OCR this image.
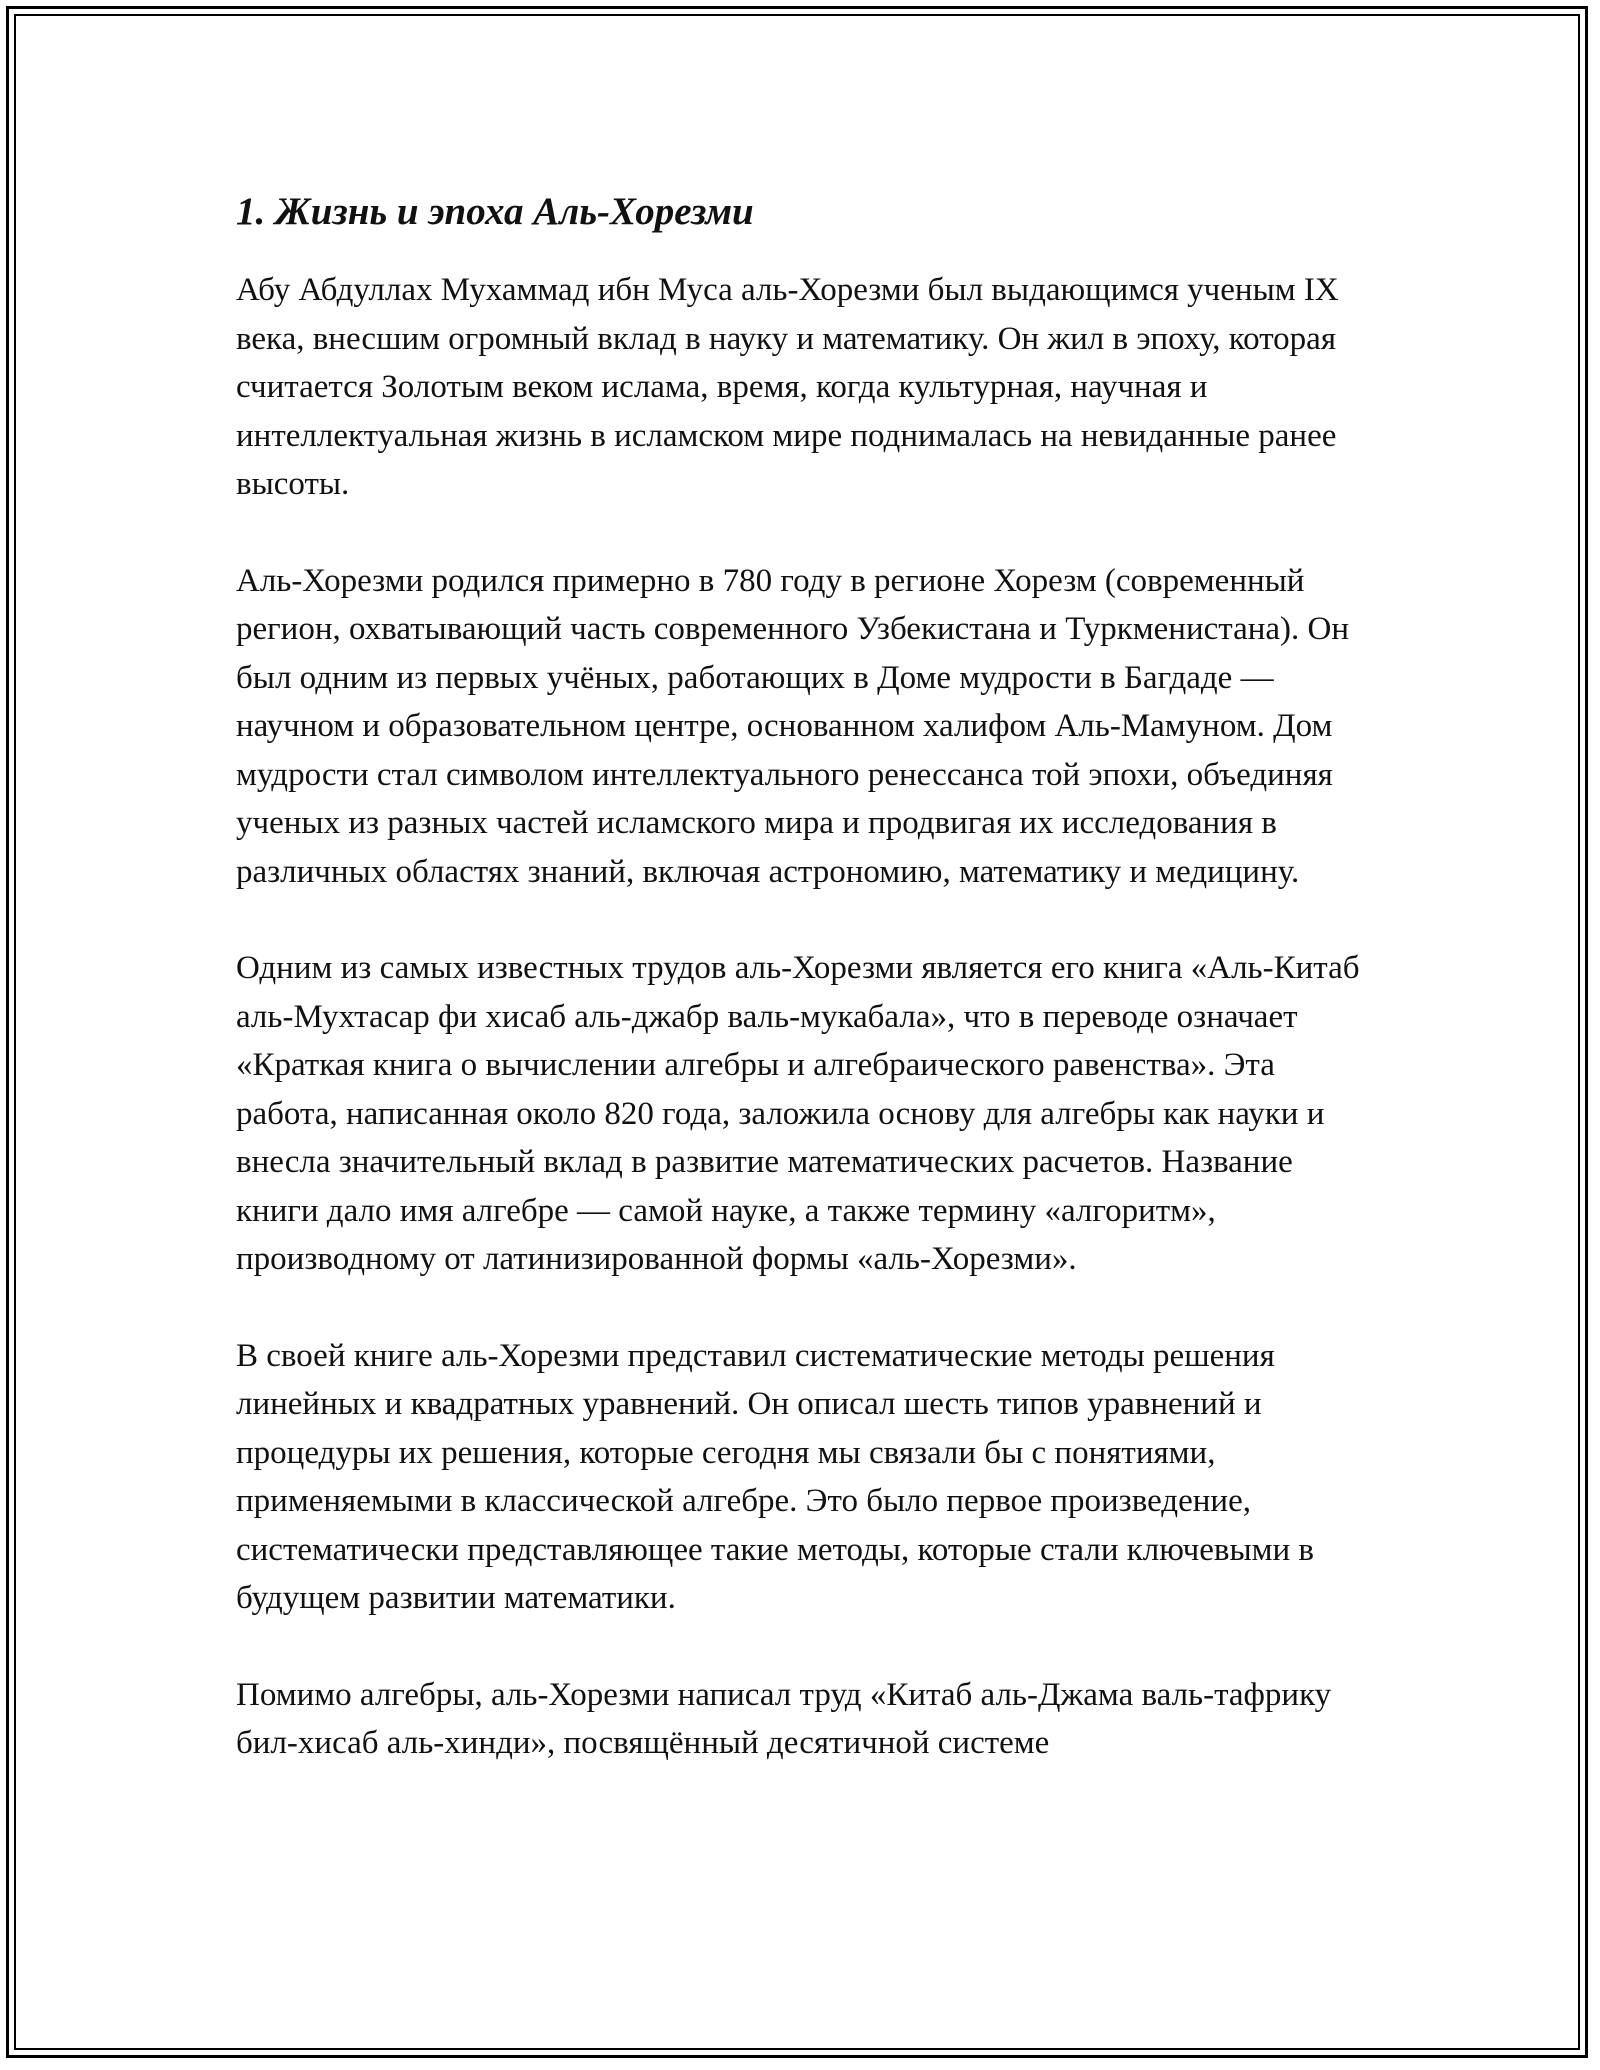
1. Жизнь и эпоха Аль-Хорезми

Абу Абдуллах Мухаммад ибн Муса аль-Хорезми был выдающимся ученым IX века, внесшим огромный вклад в науку и математику. Он жил в эпоху, которая считается Золотым веком ислама, время, когда культурная, научная и интеллектуальная жизнь в исламском мире поднималась на невиданные ранее высоты.

Аль-Хорезми родился примерно в 780 году в регионе Хорезм (современный регион, охватывающий часть современного Узбекистана и Туркменистана). Он был одним из первых учёных, работающих в Доме мудрости в Багдаде — научном и образовательном центре, основанном халифом Аль-Мамуном. Дом мудрости стал символом интеллектуального ренессанса той эпохи, объединяя ученых из разных частей исламского мира и продвигая их исследования в различных областях знаний, включая астрономию, математику и медицину.

Одним из самых известных трудов аль-Хорезми является его книга «Аль-Китаб аль-Мухтасар фи хисаб аль-джабр валь-мукабала», что в переводе означает «Краткая книга о вычислении алгебры и алгебраического равенства». Эта работа, написанная около 820 года, заложила основу для алгебры как науки и внесла значительный вклад в развитие математических расчетов. Название книги дало имя алгебре — самой науке, а также термину «алгоритм», производному от латинизированной формы «аль-Хорезми».

В своей книге аль-Хорезми представил систематические методы решения линейных и квадратных уравнений. Он описал шесть типов уравнений и процедуры их решения, которые сегодня мы связали бы с понятиями, применяемыми в классической алгебре. Это было первое произведение, систематически представляющее такие методы, которые стали ключевыми в будущем развитии математики.

Помимо алгебры, аль-Хорезми написал труд «Китаб аль-Джама валь-тафрику бил-хисаб аль-хинди», посвящённый десятичной системе
